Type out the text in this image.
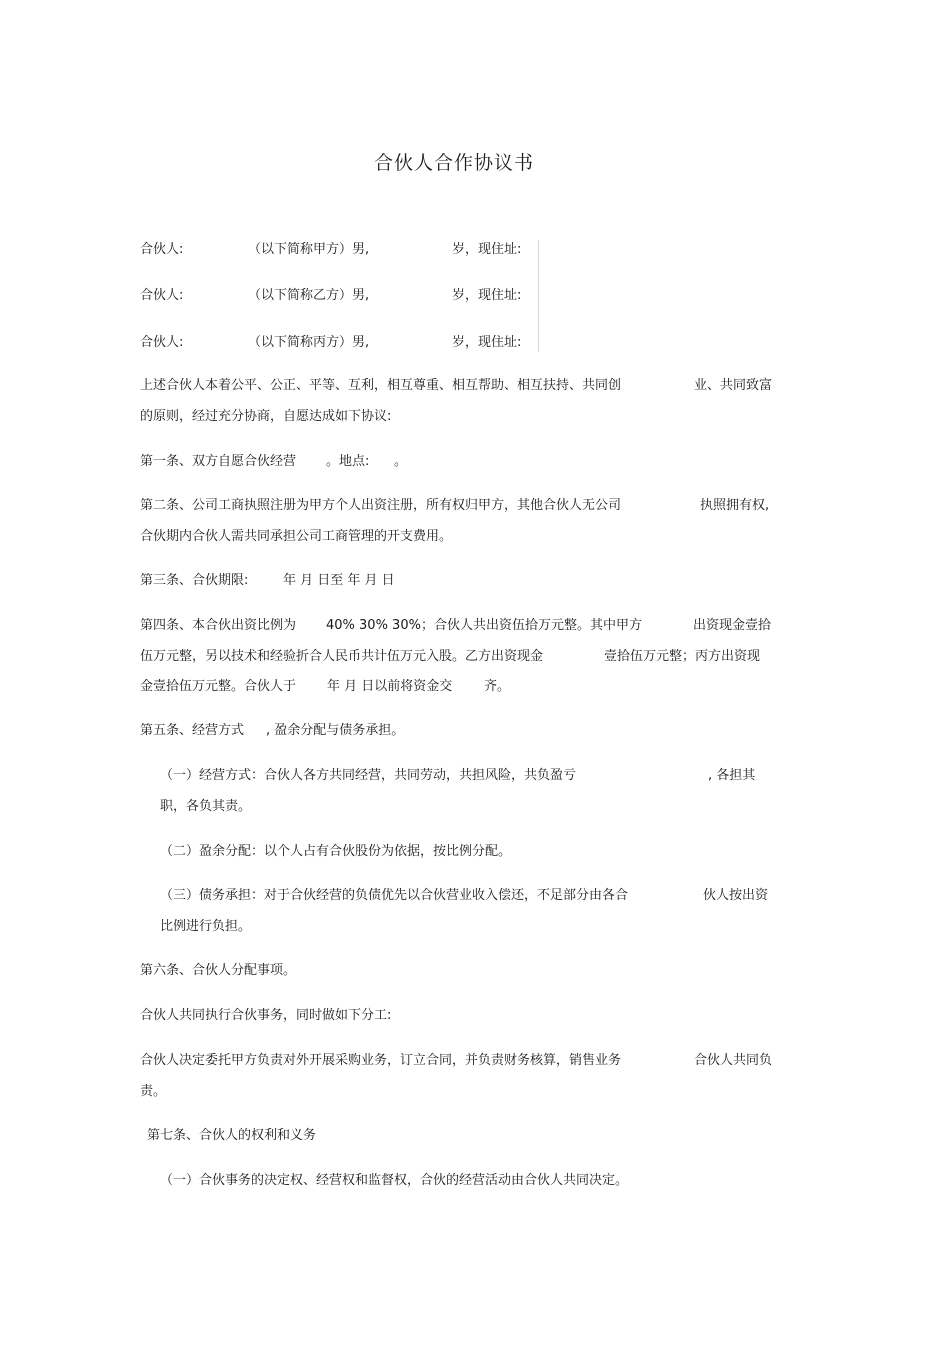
合伙人合作协议书
合伙人:	（以下简称甲方）男,	岁，现住址:
合伙人:	（以下简称乙方）男,	岁，现住址:
合伙人:	（以下简称丙方）男,	岁，现住址:
上述合伙人本着公平、公正、平等、互利，相互尊重、相互帮助、相互扶持、共同创	业、共同致富
的原则，经过充分协商，自愿达成如下协议:
第一条、双方自愿合伙经营 。地点: 。
第二条、公司工商执照注册为甲方个人出资注册，所有权归甲方，其他合伙人无公司	执照拥有权,
合伙期内合伙人需共同承担公司工商管理的开支费用。
第三条、合伙期限:	年 月 日至 年 月 日
第四条、本合伙出资比例为 40% 30% 30%；合伙人共出资伍拾万元整。其中甲方	出资现金壹拾
伍万元整，另以技术和经验折合人民币共计伍万元入股。乙方出资现金	壹拾伍万元整；丙方出资现
金壹拾伍万元整。合伙人于 年 月 日以前将资金交 齐。
第五条、经营方式 , 盈余分配与债务承担。
（一）经营方式：合伙人各方共同经营，共同劳动，共担风险，共负盈亏	, 各担其
职，各负其责。
（二）盈余分配：以个人占有合伙股份为依据，按比例分配。
（三）债务承担：对于合伙经营的负债优先以合伙营业收入偿还，不足部分由各合	伙人按出资
比例进行负担。
第六条、合伙人分配事项。
合伙人共同执行合伙事务，同时做如下分工:
合伙人决定委托甲方负责对外开展采购业务，订立合同，并负责财务核算，销售业务	合伙人共同负
责。
第七条、合伙人的权利和义务
（一）合伙事务的决定权、经营权和监督权，合伙的经营活动由合伙人共同决定。
